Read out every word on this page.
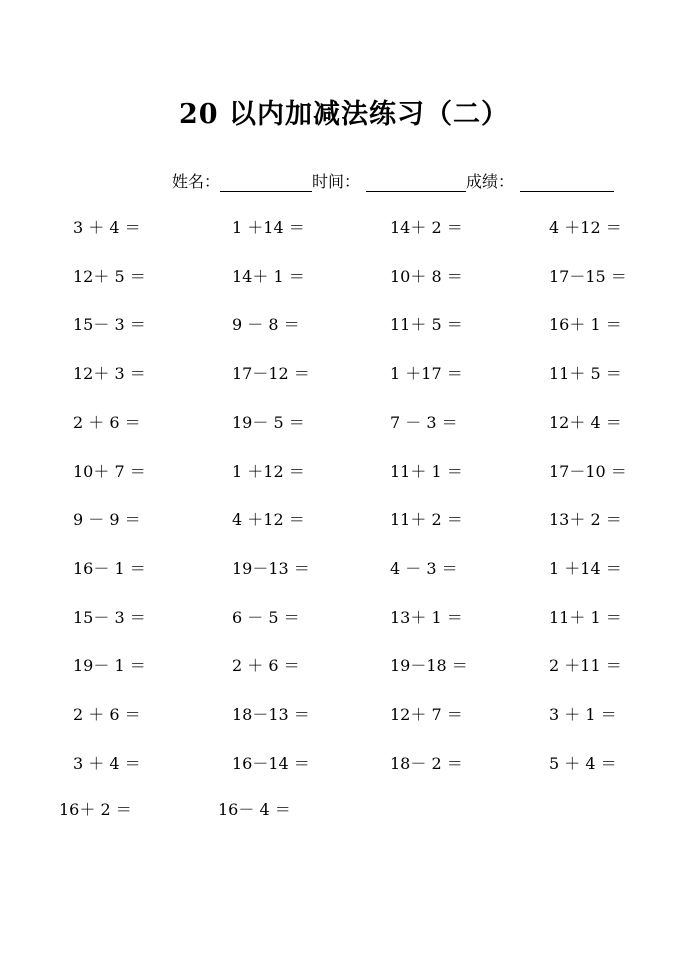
20 以内加减法练习（二）
姓名：	时间：	成绩：
3 ＋ 4 ＝	1 ＋14 ＝	14＋ 2 ＝	4 ＋12 ＝
12＋ 5 ＝	14＋ 1 ＝	10＋ 8 ＝	17－15 ＝
15－ 3 ＝	9 － 8 ＝	11＋ 5 ＝	16＋ 1 ＝
12＋ 3 ＝	17－12 ＝	1 ＋17 ＝	11＋ 5 ＝
2 ＋ 6 ＝	19－ 5 ＝	7 － 3 ＝	12＋ 4 ＝
10＋ 7 ＝	1 ＋12 ＝	11＋ 1 ＝	17－10 ＝
9 － 9 ＝	4 ＋12 ＝	11＋ 2 ＝	13＋ 2 ＝
16－ 1 ＝	19－13 ＝	4 － 3 ＝	1 ＋14 ＝
15－ 3 ＝	6 － 5 ＝	13＋ 1 ＝	11＋ 1 ＝
19－ 1 ＝	2 ＋ 6 ＝	19－18 ＝	2 ＋11 ＝
2 ＋ 6 ＝	18－13 ＝	12＋ 7 ＝	3 ＋ 1 ＝
3 ＋ 4 ＝	16－14 ＝	18－ 2 ＝	5 ＋ 4 ＝
16＋ 2 ＝	16－ 4 ＝
